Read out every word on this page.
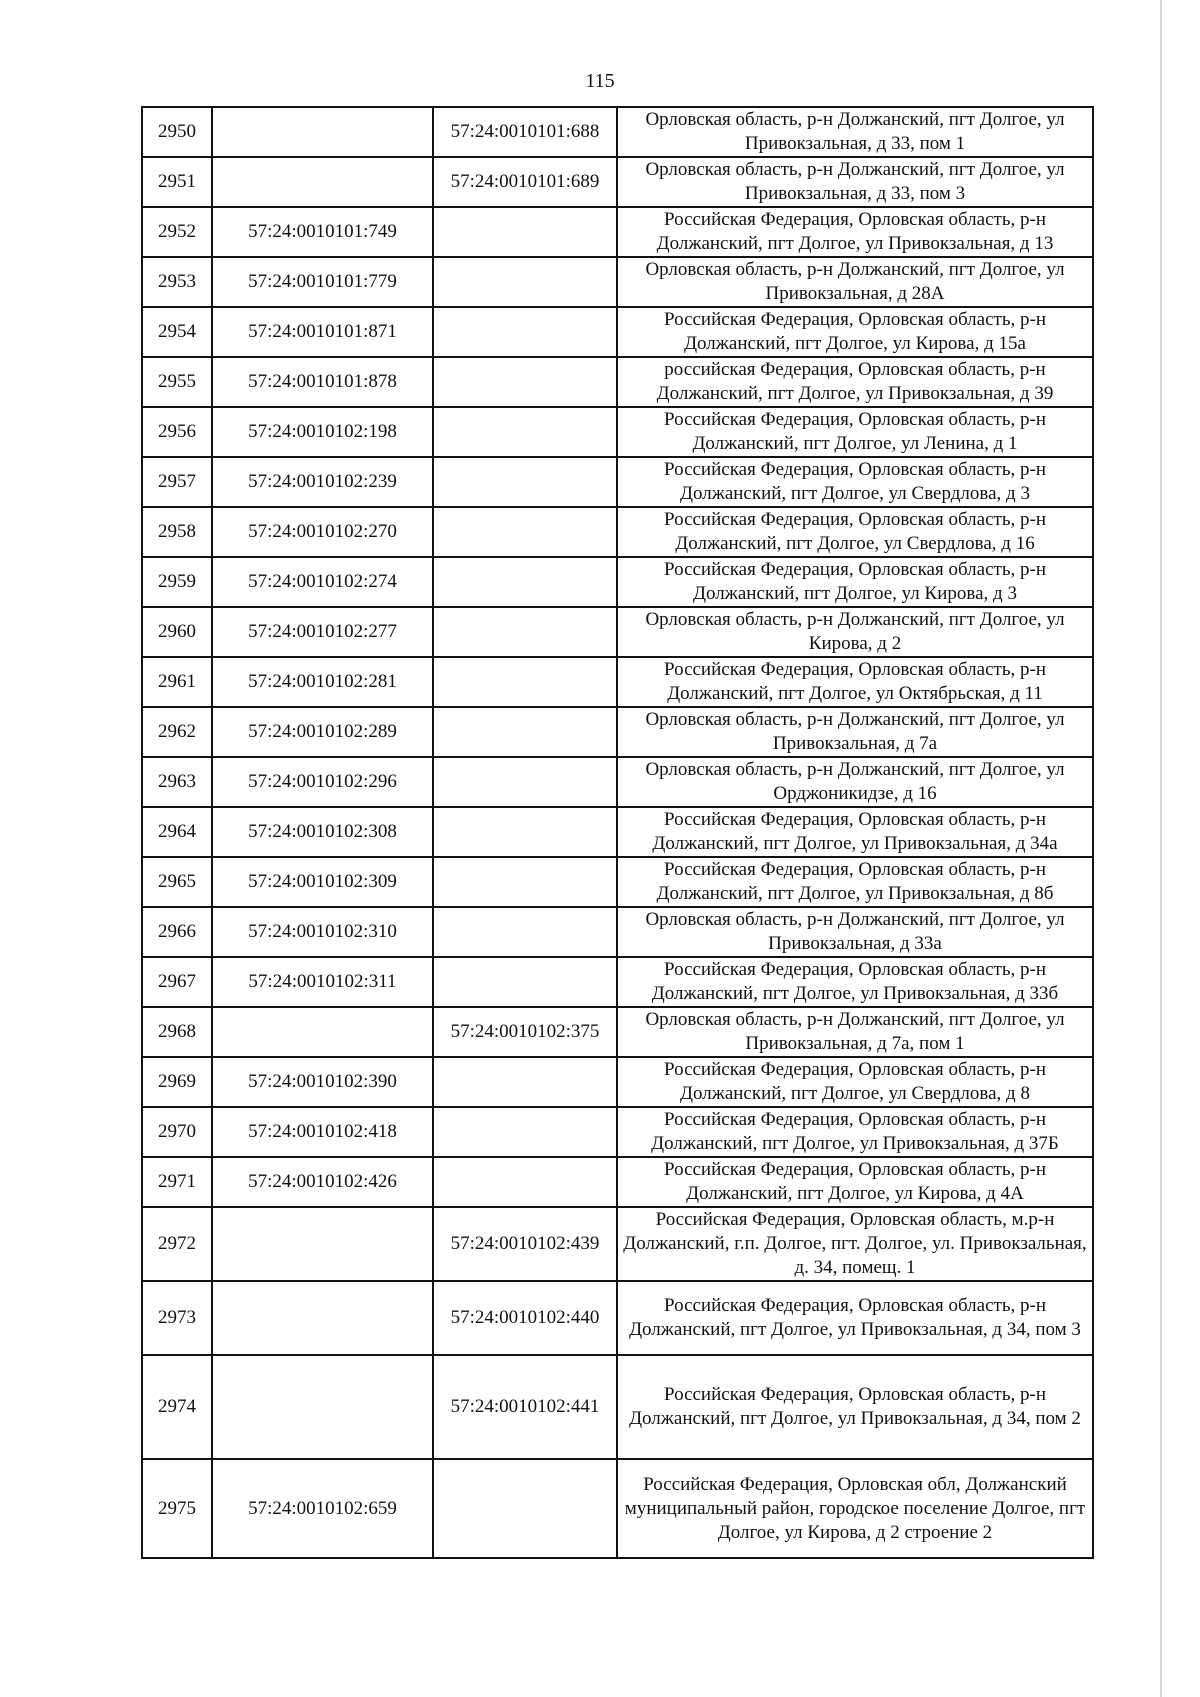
115
2950		57:24:0010101:688	Орловская область, р-н Должанский, пгт Долгое, ул Привокзальная, д 33, пом 1
2951		57:24:0010101:689	Орловская область, р-н Должанский, пгт Долгое, ул Привокзальная, д 33, пом 3
2952	57:24:0010101:749		Российская Федерация, Орловская область, р-н Должанский, пгт Долгое, ул Привокзальная, д 13
2953	57:24:0010101:779		Орловская область, р-н Должанский, пгт Долгое, ул Привокзальная, д 28А
2954	57:24:0010101:871		Российская Федерация, Орловская область, р-н Должанский, пгт Долгое, ул Кирова, д 15а
2955	57:24:0010101:878		российская Федерация, Орловская область, р-н Должанский, пгт Долгое, ул Привокзальная, д 39
2956	57:24:0010102:198		Российская Федерация, Орловская область, р-н Должанский, пгт Долгое, ул Ленина, д 1
2957	57:24:0010102:239		Российская Федерация, Орловская область, р-н Должанский, пгт Долгое, ул Свердлова, д 3
2958	57:24:0010102:270		Российская Федерация, Орловская область, р-н Должанский, пгт Долгое, ул Свердлова, д 16
2959	57:24:0010102:274		Российская Федерация, Орловская область, р-н Должанский, пгт Долгое, ул Кирова, д 3
2960	57:24:0010102:277		Орловская область, р-н Должанский, пгт Долгое, ул Кирова, д 2
2961	57:24:0010102:281		Российская Федерация, Орловская область, р-н Должанский, пгт Долгое, ул Октябрьская, д 11
2962	57:24:0010102:289		Орловская область, р-н Должанский, пгт Долгое, ул Привокзальная, д 7а
2963	57:24:0010102:296		Орловская область, р-н Должанский, пгт Долгое, ул Орджоникидзе, д 16
2964	57:24:0010102:308		Российская Федерация, Орловская область, р-н Должанский, пгт Долгое, ул Привокзальная, д 34а
2965	57:24:0010102:309		Российская Федерация, Орловская область, р-н Должанский, пгт Долгое, ул Привокзальная, д 8б
2966	57:24:0010102:310		Орловская область, р-н Должанский, пгт Долгое, ул Привокзальная, д 33а
2967	57:24:0010102:311		Российская Федерация, Орловская область, р-н Должанский, пгт Долгое, ул Привокзальная, д 33б
2968		57:24:0010102:375	Орловская область, р-н Должанский, пгт Долгое, ул Привокзальная, д 7а, пом 1
2969	57:24:0010102:390		Российская Федерация, Орловская область, р-н Должанский, пгт Долгое, ул Свердлова, д 8
2970	57:24:0010102:418		Российская Федерация, Орловская область, р-н Должанский, пгт Долгое, ул Привокзальная, д 37Б
2971	57:24:0010102:426		Российская Федерация, Орловская область, р-н Должанский, пгт Долгое, ул Кирова, д 4А
2972		57:24:0010102:439	Российская Федерация, Орловская область, м.р-н Должанский, г.п. Долгое, пгт. Долгое, ул. Привокзальная, д. 34, помещ. 1
2973		57:24:0010102:440	Российская Федерация, Орловская область, р-н Должанский, пгт Долгое, ул Привокзальная, д 34, пом 3
2974		57:24:0010102:441	Российская Федерация, Орловская область, р-н Должанский, пгт Долгое, ул Привокзальная, д 34, пом 2
2975	57:24:0010102:659		Российская Федерация, Орловская обл, Должанский муниципальный район, городское поселение Долгое, пгт Долгое, ул Кирова, д 2 строение 2
